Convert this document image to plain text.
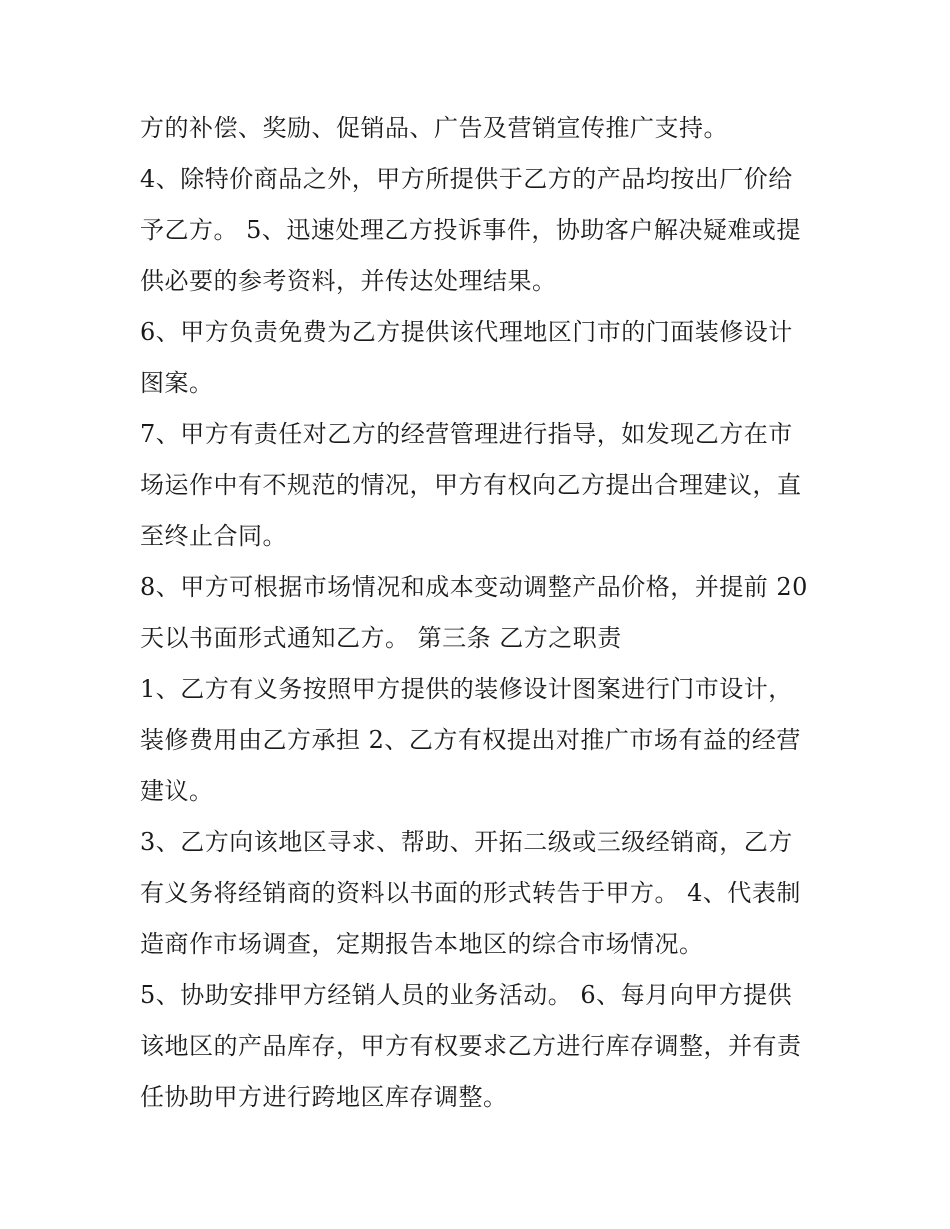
方的补偿、奖励、促销品、广告及营销宣传推广支持。
4、除特价商品之外，甲方所提供于乙方的产品均按出厂价给
予乙方。 5、迅速处理乙方投诉事件，协助客户解决疑难或提
供必要的参考资料，并传达处理结果。
6、甲方负责免费为乙方提供该代理地区门市的门面装修设计
图案。
7、甲方有责任对乙方的经营管理进行指导，如发现乙方在市
场运作中有不规范的情况，甲方有权向乙方提出合理建议，直
至终止合同。
8、甲方可根据市场情况和成本变动调整产品价格，并提前 20
天以书面形式通知乙方。 第三条 乙方之职责
1、乙方有义务按照甲方提供的装修设计图案进行门市设计，
装修费用由乙方承担 2、乙方有权提出对推广市场有益的经营
建议。
3、乙方向该地区寻求、帮助、开拓二级或三级经销商，乙方
有义务将经销商的资料以书面的形式转告于甲方。 4、代表制
造商作市场调查，定期报告本地区的综合市场情况。
5、协助安排甲方经销人员的业务活动。 6、每月向甲方提供
该地区的产品库存，甲方有权要求乙方进行库存调整，并有责
任协助甲方进行跨地区库存调整。
